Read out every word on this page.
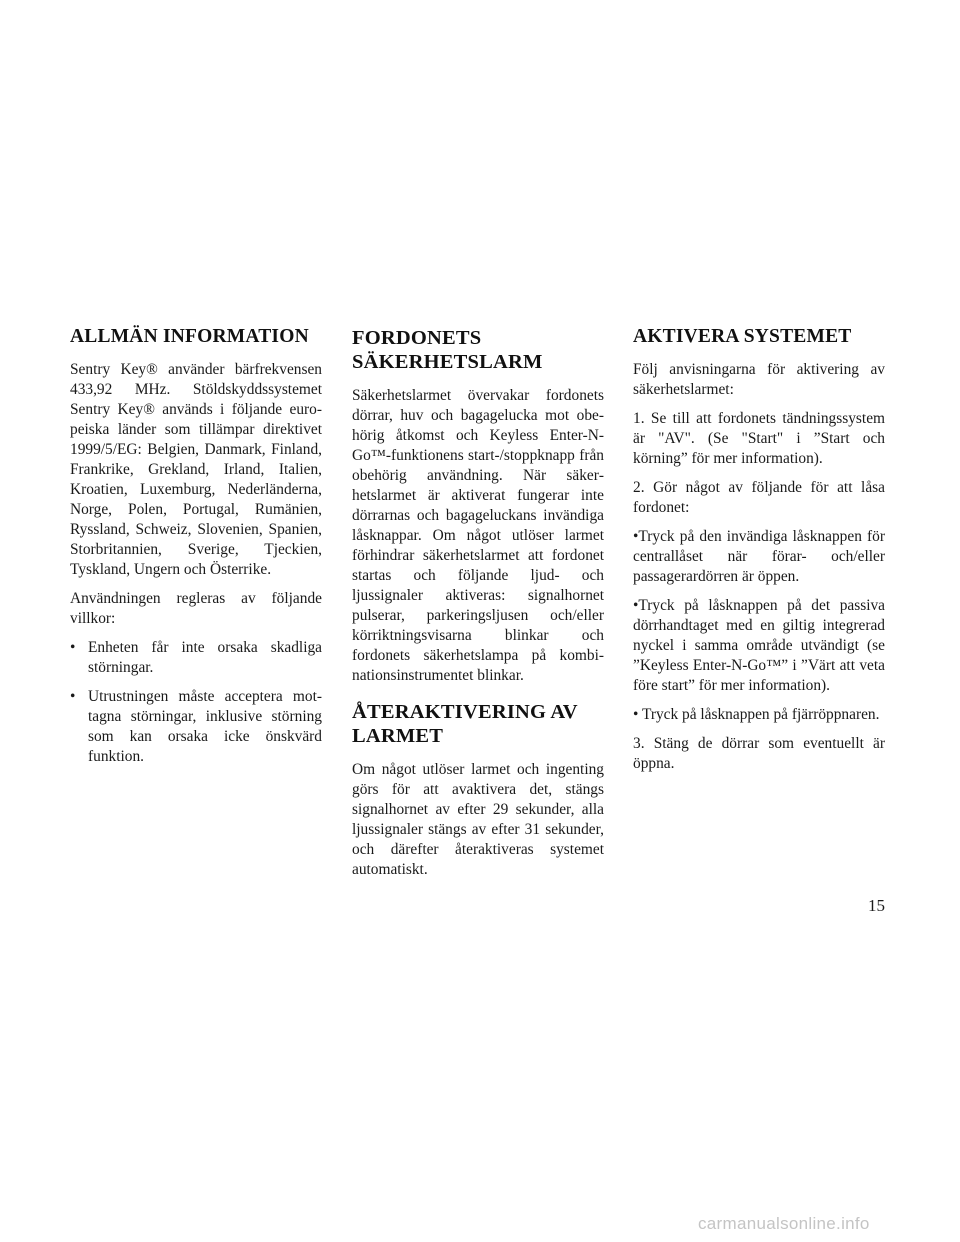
ALLMÄN INFORMATION

Sentry Key® använder bärfrekvensen 433,92 MHz. Stöldskyddssystemet Sentry Key® används i följande europeiska länder som tillämpar direktivet 1999/5/EG: Belgien, Danmark, Finland, Frankrike, Grekland, Irland, Italien, Kroatien, Luxemburg, Nederländerna, Norge, Polen, Portugal, Rumänien, Ryssland, Schweiz, Slovenien, Spanien, Storbritannien, Sverige, Tjeckien, Tyskland, Ungern och Österrike.

Användningen regleras av följande villkor:

• Enheten får inte orsaka skadliga störningar.
• Utrustningen måste acceptera mottagna störningar, inklusive störning som kan orsaka icke önskvärd funktion.
FORDONETS SÄKERHETSLARM

Säkerhetslarmet övervakar fordonets dörrar, huv och bagagelucka mot obehörig åtkomst och Keyless Enter-N-Go™-funktionens start-/stoppknapp från obehörig användning. När säkerhetslarmet är aktiverat fungerar inte dörrarnas och bagageluckans invändiga låsknappar. Om något utlöser larmet förhindrar säkerhetslarmet att fordonet startas och följande ljud- och ljussignaler aktiveras: signalhornet pulserar, parkeringsljusen och/eller körriktningsvisarna blinkar och fordonets säkerhetslampa på kombinationsinstrumentet blinkar.

ÅTERAKTIVERING AV LARMET

Om något utlöser larmet och ingenting görs för att avaktivera det, stängs signalhornet av efter 29 sekunder, alla ljussignaler stängs av efter 31 sekunder, och därefter återaktiveras systemet automatiskt.

AKTIVERA SYSTEMET

Följ anvisningarna för aktivering av säkerhetslarmet:

1. Se till att fordonets tändningssystem är "AV". (Se "Start" i ”Start och körning” för mer information).

2. Gör något av följande för att låsa fordonet:

•Tryck på den invändiga låsknappen för centrallåset när förar- och/eller passagerardörren är öppen.

•Tryck på låsknappen på det passiva dörrhandtaget med en giltig integrerad nyckel i samma område utvändigt (se ”Keyless Enter-N-Go™” i ”Värt att veta före start” för mer information).

• Tryck på låsknappen på fjärröppnaren.

3. Stäng de dörrar som eventuellt är öppna.

15
carmanualsonline.info
